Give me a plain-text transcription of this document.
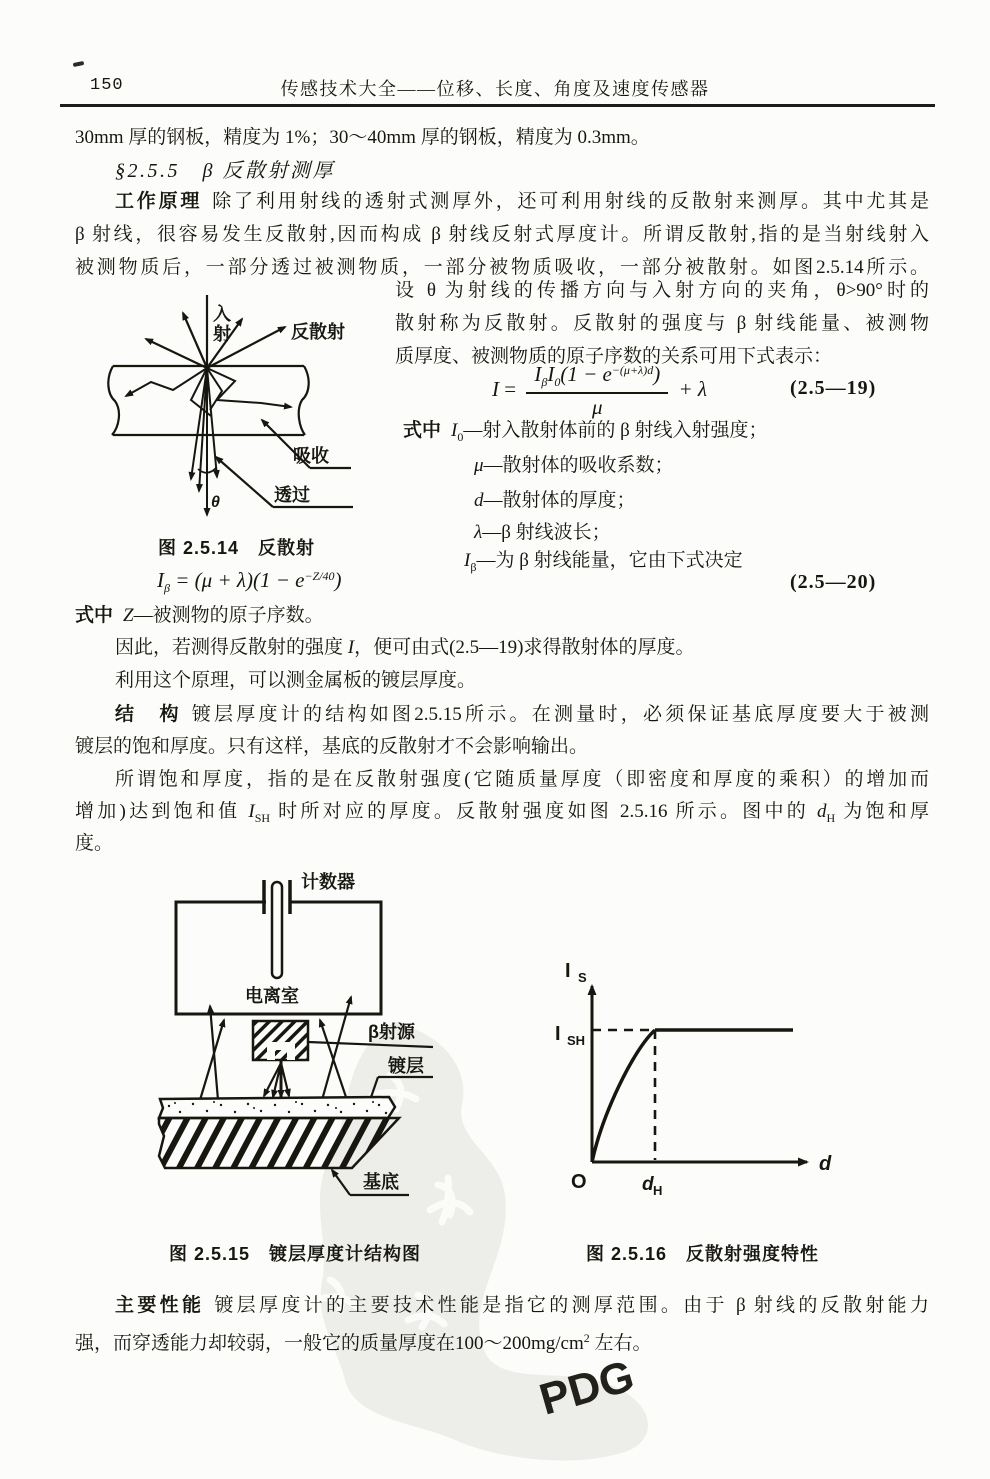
PDG
150	传感技术大全——位移、长度、角度及速度传感器
30mm 厚的钢板，精度为 1%；30～40mm 厚的钢板，精度为 0.3mm。
§2.5.5　β 反散射测厚
工作原理 除了利用射线的透射式测厚外，还可利用射线的反散射来测厚。其中尤其是
β 射线，很容易发生反散射,因而构成 β 射线反射式厚度计。所谓反散射,指的是当射线射入
被测物质后，一部分透过被测物质，一部分被物质吸收，一部分被散射。如图2.5.14所示。
设 θ 为射线的传播方向与入射方向的夹角，θ>90°时的
散射称为反散射。反散射的强度与 β 射线能量、被测物
质厚度、被测物质的原子序数的关系可用下式表示：
$I = \frac{I_\beta I_0(1 - e^{-(\mu+\lambda)d})}{\mu} + \lambda$	(2.5—19)
式中 $I_0—$射入散射体前的 β 射线入射强度；
μ—散射体的吸收系数；
d—散射体的厚度；
λ—β 射线波长；
$I_\beta—$为 β 射线能量，它由下式决定
$I_\beta = (\mu + \lambda)(1 - e^{-Z/40})$	(2.5—20)
式中 Z—被测物的原子序数。
因此，若测得反散射的强度 I，便可由式(2.5—19)求得散射体的厚度。
利用这个原理，可以测金属板的镀层厚度。
结　构 镀层厚度计的结构如图2.5.15所示。在测量时，必须保证基底厚度要大于被测
镀层的饱和厚度。只有这样，基底的反散射才不会影响输出。
所谓饱和厚度，指的是在反散射强度(它随质量厚度（即密度和厚度的乘积）的增加而
增加)达到饱和值 $I_{SH}$ 时所对应的厚度。反散射强度如图 2.5.16 所示。图中的 $d_H$ 为饱和厚
度。
入
射	反散射
吸收
透过
θ
图 2.5.14　反散射
计数器
电离室
β射源
镀层
基底
图 2.5.15　镀层厚度计结构图
I S
I SH
O	d H
d
图 2.5.16　反散射强度特性
主要性能 镀层厚度计的主要技术性能是指它的测厚范围。由于 β 射线的反散射能力
强，而穿透能力却较弱，一般它的质量厚度在$100\sim 200mg/cm^2$ 左右。
